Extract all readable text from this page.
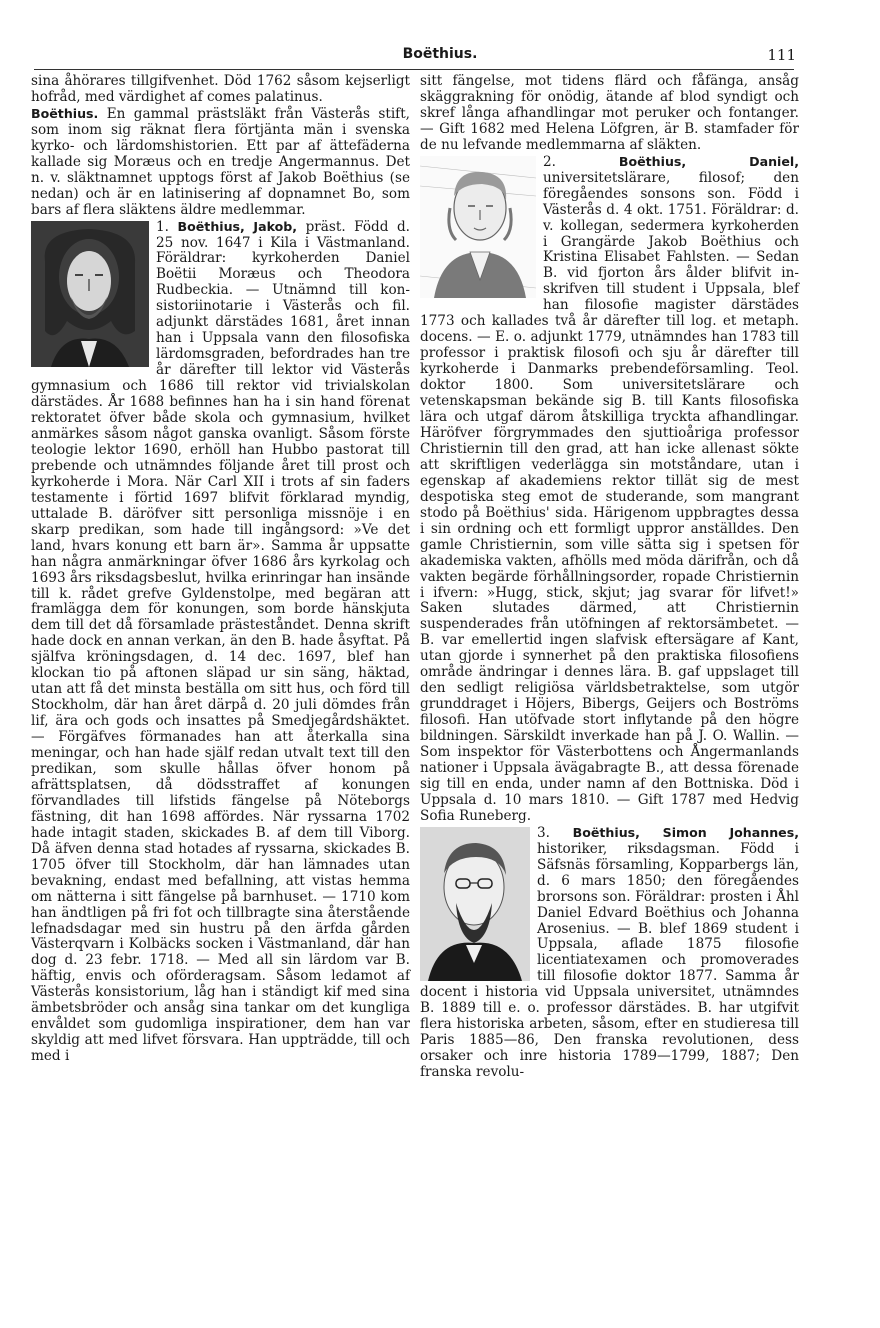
Boëthius.	111

sina åhörares tillgifvenhet. Död 1762 såsom kejserligt hofråd, med värdighet af comes palatinus.

Boëthius. En gammal prästsläkt från Västerås stift, som inom sig räknat flera förtjänta män i svenska kyrko- och lärdomshistorien. Ett par af ättefäderna kallade sig Moræus och en tredje Angermannus. Det n. v. släktnamnet upptogs först af Jakob Boëthius (se nedan) och är en latinisering af dopnamnet Bo, som bars af flera släktens äldre medlemmar.

1. Boëthius, Jakob, präst. Född d. 25 nov. 1647 i Kila i Västmanland. Föräldrar: kyrkoherden Daniel Boëtii Moræus och Theodora Rudbeckia. — Utnämnd till konsistoriinotarie i Västerås och fil. adjunkt därstädes 1681, året innan han i Uppsala vann den filosofiska lärdomsgraden, befordrades han tre år därefter till lektor vid Västerås gymnasium och 1686 till rektor vid trivialskolan därstädes. År 1688 befinnes han ha i sin hand förenat rektoratet öfver både skola och gymnasium, hvilket anmärkes såsom något ganska ovanligt. Såsom förste teologie lektor 1690, erhöll han Hubbo pastorat till prebende och utnämndes följande året till prost och kyrkoherde i Mora. När Carl XII i trots af sin faders testamente i förtid 1697 blifvit förklarad myndig, uttalade B. däröfver sitt personliga missnöje i en skarp predikan, som hade till ingångsord: »Ve det land, hvars konung ett barn är». Samma år uppsatte han några anmärkningar öfver 1686 års kyrkolag och 1693 års riksdagsbeslut, hvilka erinringar han insände till k. rådet grefve Gyldenstolpe, med begäran att framlägga dem för konungen, som borde hänskjuta dem till det då församlade prästeståndet. Denna skrift hade dock en annan verkan, än den B. hade åsyftat. På själfva kröningsdagen, d. 14 dec. 1697, blef han klockan tio på aftonen släpad ur sin säng, häktad, utan att få det minsta beställa om sitt hus, och förd till Stockholm, där han året därpå d. 20 juli dömdes från lif, ära och gods och insattes på Smedjegårdshäktet. — Förgäfves förmanades han att återkalla sina meningar, och han hade själf redan utvalt text till den predikan, som skulle hållas öfver honom på afrättsplatsen, då dödsstraffet af konungen förvandlades till lifstids fängelse på Nöteborgs fästning, dit han 1698 affördes. När ryssarna 1702 hade intagit staden, skickades B. af dem till Viborg. Då äfven denna stad hotades af ryssarna, skickades B. 1705 öfver till Stockholm, där han lämnades utan bevakning, endast med befallning, att vistas hemma om nätterna i sitt fängelse på barnhuset. — 1710 kom han ändtligen på fri fot och tillbragte sina återstående lefnadsdagar med sin hustru på den ärfda gården Västerqvarn i Kolbäcks socken i Västmanland, där han dog d. 23 febr. 1718. — Med all sin lärdom var B. häftig, envis och oförderagsam. Såsom ledamot af Västerås konsistorium, låg han i ständigt kif med sina ämbetsbröder och ansåg sina tankar om det kungliga envåldet som gudomliga inspirationer, dem han var skyldig att med lifvet försvara. Han uppträdde, till och med i

sitt fängelse, mot tidens flärd och fåfänga, ansåg skäggrakning för onödig, ätande af blod syndigt och skref långa afhandlingar mot peruker och fontanger. — Gift 1682 med Helena Löfgren, är B. stamfader för de nu lefvande medlemmarna af släkten.

2.	Boëthius, Daniel, universitetslärare, filosof; den föregåendes sonsons son. Född i Västerås d. 4 okt. 1751. Föräldrar: d. v. kollegan, sedermera kyrkoherden i Grangärde Jakob Boëthius och Kristina Elisabet Fahlsten. — Sedan B. vid fjorton års ålder blifvit inskrifven till student i Uppsala, blef han filosofie magister därstädes 1773 och kallades två år därefter till log. et metaph. docens. — E. o. adjunkt 1779, utnämndes han 1783 till professor i praktisk filosofi och sju år därefter till kyrkoherde i Danmarks prebendeförsamling. Teol. doktor 1800. Som universitetslärare och vetenskapsman bekände sig B. till Kants filosofiska lära och utgaf därom åtskilliga tryckta afhandlingar. Häröfver förgrymmades den sjuttioåriga professor Christiernin till den grad, att han icke allenast sökte att skriftligen vederlägga sin motståndare, utan i egenskap af akademiens rektor tillät sig de mest despotiska steg emot de studerande, som mangrant stodo på Boëthius' sida. Härigenom uppbragtes dessa i sin ordning och ett formligt uppror anställdes. Den gamle Christiernin, som ville sätta sig i spetsen för akademiska vakten, afhölls med möda därifrån, och då vakten begärde förhållningsorder, ropade Christiernin i ifvern: »Hugg, stick, skjut; jag svarar för lifvet!» Saken slutades därmed, att Christiernin suspenderades från utöfningen af rektorsämbetet. — B. var emellertid ingen slafvisk eftersägare af Kant, utan gjorde i synnerhet på den praktiska filosofiens område ändringar i dennes lära. B. gaf uppslaget till den sedligt religiösa världsbetraktelse, som utgör grunddraget i Höjers, Bibergs, Geijers och Boströms filosofi. Han utöfvade stort inflytande på den högre bildningen. Särskildt inverkade han på J. O. Wallin. — Som inspektor för Västerbottens och Ångermanlands nationer i Uppsala ävägabragte B., att dessa förenade sig till en enda, under namn af den Bottniska. Död i Uppsala d. 10 mars 1810. — Gift 1787 med Hedvig Sofia Runeberg.

3. Boëthius, Simon Johannes, historiker, riksdagsman. Född i Säfsnäs församling, Kopparbergs län, d. 6 mars 1850; den föregåendes brorsons son. Föräldrar: prosten i Åhl Daniel Edvard Boëthius och Johanna Arosenius. — B. blef 1869 student i Uppsala, aflade 1875 filosofie licentiatexamen och promoverades till filosofie doktor 1877. Samma år docent i historia vid Uppsala universitet, utnämndes B. 1889 till e. o. professor därstädes. B. har utgifvit flera historiska arbeten, såsom, efter en studieresa till Paris 1885—86, Den franska revolutionen, dess orsaker och inre historia 1789—1799, 1887; Den franska revolu-
